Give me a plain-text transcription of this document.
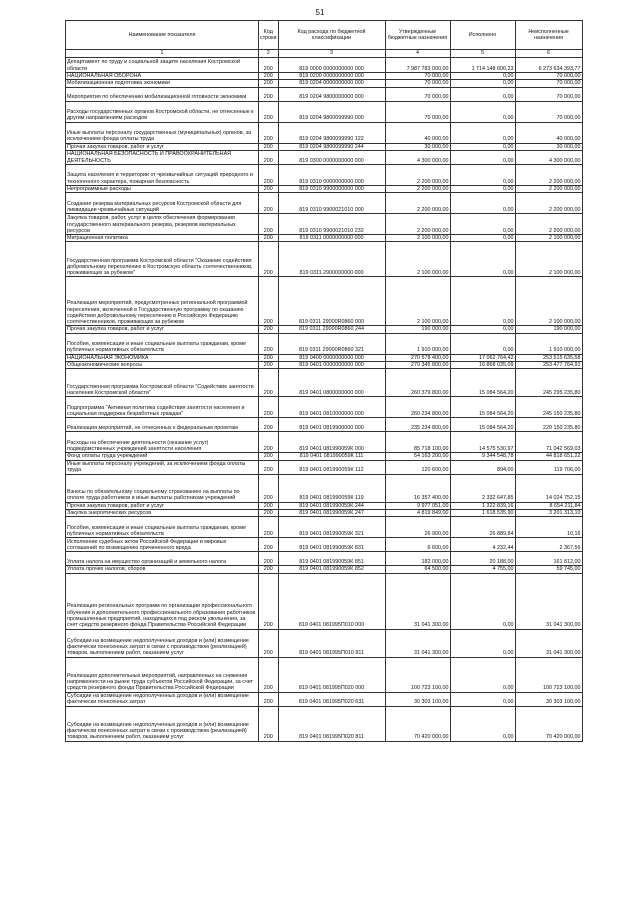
51
Наименование показателя	Код строки	Код расхода по бюджетной классификации	Утвержденные бюджетные назначения	Исполнено	Неисполненные назначения
1	2	3	4	5	6
Департамент по труду и социальной защите населения Костромской области	200	819 0000 0000000000 000	7 987 783 000,00	1 714 148 606,23	6 273 634 393,77
НАЦИОНАЛЬНАЯ ОБОРОНА	200	819 0200 0000000000 000	70 000,00	0,00	70 000,00
Мобилизационная подготовка экономики	200	819 0204 0000000000 000	70 000,00	0,00	70 000,00
Мероприятия по обеспечению мобилизационной готовности экономики	200	819 0204 9800000000 000	70 000,00	0,00	70 000,00
Расходы государственных органов Костромской области, не отнесенные к другим направлениям расходов	200	819 0204 9800099990 000	70 000,00	0,00	70 000,00
Иные выплаты персоналу государственных (муниципальных) органов, за исключением фонда оплаты труда	200	819 0204 9800099990 122	40 000,00	0,00	40 000,00
Прочая закупка товаров, работ и услуг	200	819 0204 9800099990 244	30 000,00	0,00	30 000,00
НАЦИОНАЛЬНАЯ БЕЗОПАСНОСТЬ И ПРАВООХРАНИТЕЛЬНАЯ ДЕЯТЕЛЬНОСТЬ	200	819 0300 0000000000 000	4 300 000,00	0,00	4 300 000,00
Защита населения и территории от чрезвычайных ситуаций природного и техногенного характера, пожарная безопасность	200	819 0310 0000000000 000	2 200 000,00	0,00	2 200 000,00
Непрограммные расходы	200	819 0310 9900000000 000	2 200 000,00	0,00	2 200 000,00
Создание резерва материальных ресурсов Костромской области для ликвидации чрезвычайных ситуаций	200	819 0310 9900021010 000	2 200 000,00	0,00	2 200 000,00
Закупка товаров, работ, услуг в целях обеспечения формирования государственного материального резерва, резервов материальных ресурсов	200	819 0310 9900021010 232	2 200 000,00	0,00	2 200 000,00
Миграционная политика	200	819 0311 0000000000 000	2 100 000,00	0,00	2 100 000,00
Государственная программа Костромской области "Оказание содействия добровольному переселению в Костромскую область соотечественников, проживающих за рубежом"	200	819 0311 2900000000 000	2 100 000,00	0,00	2 100 000,00
Реализация мероприятий, предусмотренных региональной программой переселения, включенной в Государственную программу по оказанию содействия добровольному переселению в Российскую Федерацию соотечественников, проживающих за рубежом	200	819 0311 29000R0860 000	2 100 000,00	0,00	2 100 000,00
Прочая закупка товаров, работ и услуг	200	819 0311 29000R0860 244	190 000,00	0,00	190 000,00
Пособия, компенсации и иные социальные выплаты гражданам, кроме публичных нормативных обязательств	200	819 0311 29000R0860 321	1 910 000,00	0,00	1 910 000,00
НАЦИОНАЛЬНАЯ ЭКОНОМИКА	200	819 0400 0000000000 000	270 578 400,00	17 062 764,42	253 515 635,58
Общеэкономические вопросы	200	819 0401 0000000000 000	270 345 800,00	16 868 035,09	253 477 764,91
Государственная программа Костромской области "Содействие занятости населения Костромской области"	200	819 0401 0800000000 000	260 379 800,00	15 084 564,20	245 295 235,80
Подпрограмма "Активная политика содействия занятости населения и социальная поддержка безработных граждан"	200	819 0401 0810000000 000	260 234 800,00	15 084 564,20	245 150 235,80
Реализация мероприятий, не отнесенных к федеральным проектам	200	819 0401 0819900000 000	235 234 800,00	15 084 564,20	220 150 235,80
Расходы на обеспечение деятельности (оказание услуг) подведомственных учреждений занятости населения	200	819 0401 081990059К 000	85 718 100,00	14 575 530,97	71 042 569,03
Фонд оплаты труда учреждений	200	819 0401 081990059К 111	54 163 200,00	9 344 548,78	44 818 651,22
Иные выплаты персоналу учреждений, за исключением фонда оплаты труда	200	819 0401 081990059К 112	120 600,00	894,00	119 706,00
Взносы по обязательному социальному страхованию на выплаты по оплате труда работников и иные выплаты работникам учреждений	200	819 0401 081990059К 119	16 357 400,00	2 332 647,85	14 024 752,15
Прочая закупка товаров, работ и услуг	200	819 0401 081990059К 244	9 977 051,00	1 322 839,16	8 654 211,84
Закупка энергетических ресурсов	200	819 0401 081990059К 247	4 819 849,00	1 618 535,90	3 201 313,10
Пособия, компенсации и иные социальные выплаты гражданам, кроме публичных нормативных обязательств	200	819 0401 081990059К 321	26 900,00	26 889,84	10,16
Исполнение судебных актов Российской Федерации и мировых соглашений по возмещению причиненного вреда	200	819 0401 081990059К 831	6 600,00	4 232,44	2 367,56
Уплата налога на имущество организаций и земельного налога	200	819 0401 081990059К 851	182 000,00	20 188,00	161 812,00
Уплата прочих налогов, сборов	200	819 0401 081990059К 852	64 500,00	4 755,00	59 745,00
Реализация региональных программ по организации профессионального обучения и дополнительного профессионального образования работников промышленных предприятий, находящихся под риском увольнения, за счет средств резервного фонда Правительства Российской Федерации	200	819 0401 081995П010 000	31 041 300,00	0,00	31 041 300,00
Субсидии на возмещение недополученных доходов и (или) возмещение фактически понесенных затрат в связи с производством (реализацией) товаров, выполнением работ, оказанием услуг	200	819 0401 081995П010 811	31 041 300,00	0,00	31 041 300,00
Реализация дополнительных мероприятий, направленных на снижение напряженности на рынке труда субъектов Российской Федерации, за счет средств резервного фонда Правительства Российской Федерации	200	819 0401 081995П020 000	100 723 100,00	0,00	100 723 100,00
Субсидии на возмещение недополученных доходов и (или) возмещение фактически понесенных затрат	200	819 0401 081995П020 631	30 303 100,00	0,00	30 303 100,00
Субсидии на возмещение недополученных доходов и (или) возмещение фактически понесенных затрат в связи с производством (реализацией) товаров, выполнением работ, оказанием услуг	200	819 0401 081995П020 811	70 420 000,00	0,00	70 420 000,00
